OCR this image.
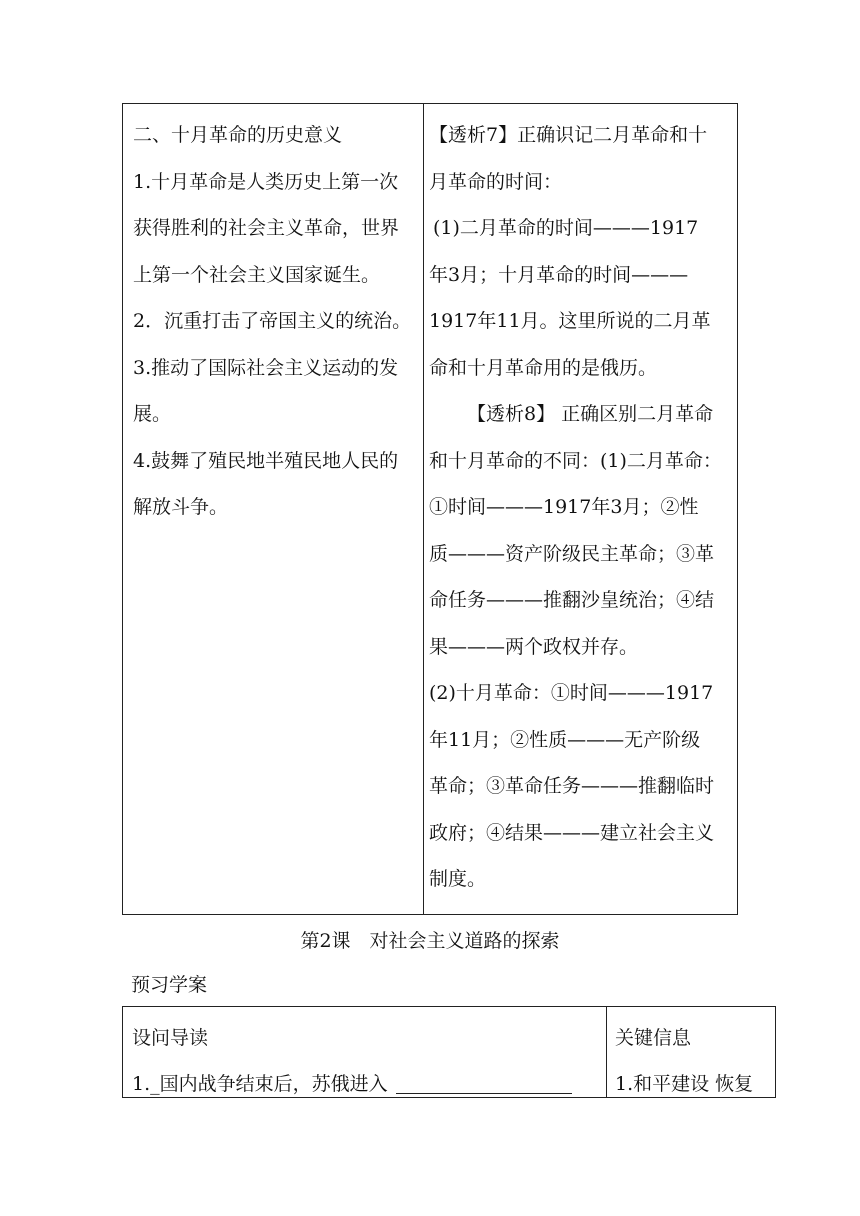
二、十月革命的历史意义
1.十月革命是人类历史上第一次
获得胜利的社会主义革命，世界
上第一个社会主义国家诞生。
2．沉重打击了帝国主义的统治。
3.推动了国际社会主义运动的发
展。
4.鼓舞了殖民地半殖民地人民的
解放斗争。
【透析7】正确识记二月革命和十
月革命的时间：
(1)二月革命的时间———1917
年3月；十月革命的时间———
1917年11月。这里所说的二月革
命和十月革命用的是俄历。
【透析8】 正确区别二月革命
和十月革命的不同：(1)二月革命：
①时间———1917年3月；②性
质———资产阶级民主革命；③革
命任务———推翻沙皇统治；④结
果———两个政权并存。
(2)十月革命：①时间———1917
年11月；②性质———无产阶级
革命；③革命任务———推翻临时
政府；④结果———建立社会主义
制度。
第2课　对社会主义道路的探索
预习学案
设问导读
1._国内战争结束后，苏俄进入
关键信息
1.和平建设 恢复
